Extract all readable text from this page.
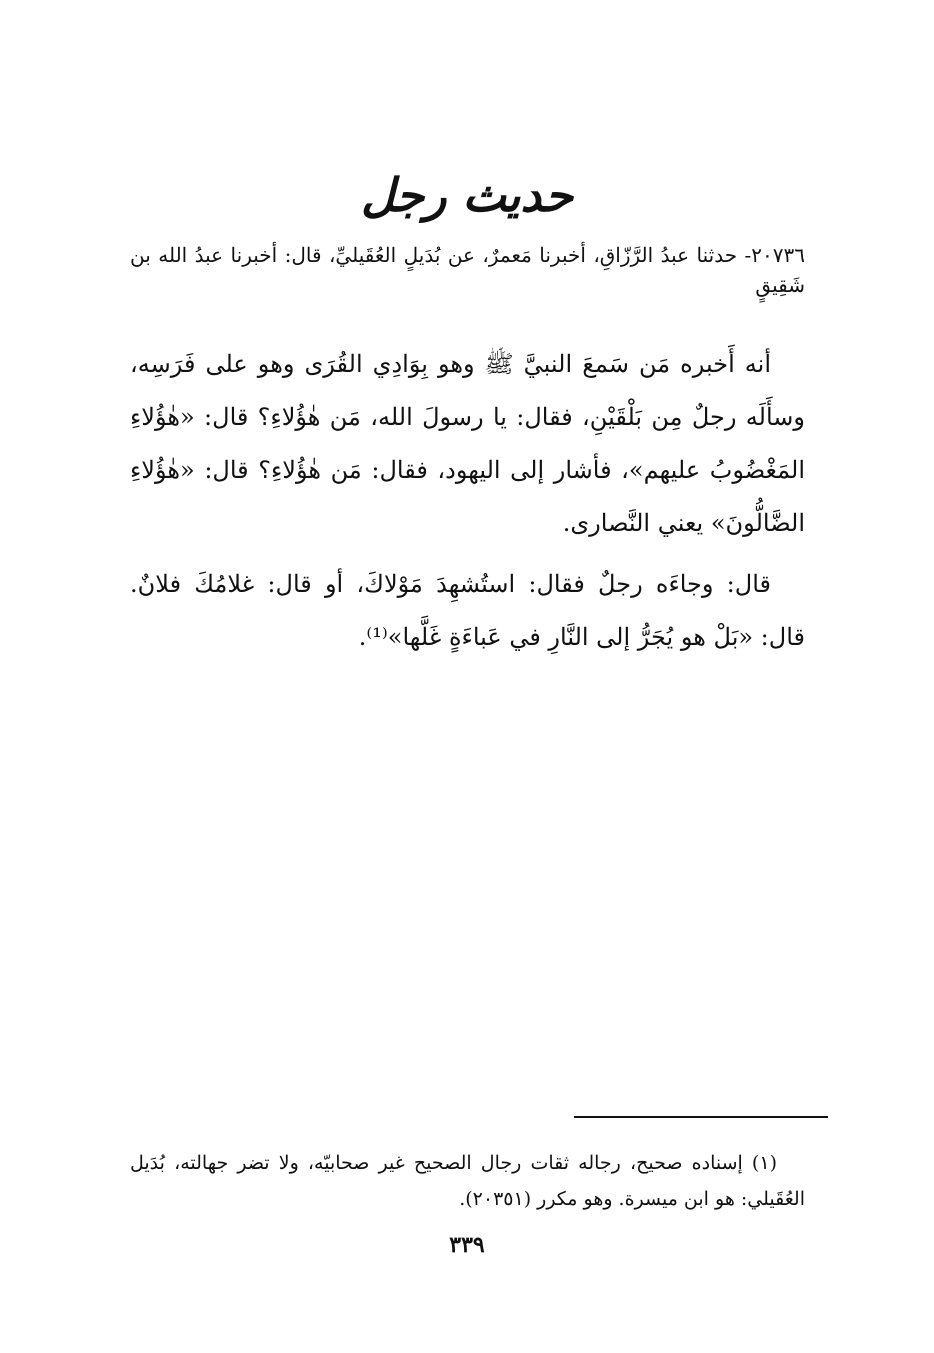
حديث رجل
٢٠٧٣٦- حدثنا عبدُ الرَّزّاقِ، أخبرنا مَعمرٌ، عن بُدَيلٍ العُقَيليِّ، قال: أخبرنا عبدُ الله بن شَقِيقٍ

أنه أَخبره مَن سَمعَ النبيَّ ﷺ وهو بِوَادِي القُرَى وهو على فَرَسِه، وسأَلَه رجلٌ مِن بَلْقَيْنِ، فقال: يا رسولَ الله، مَن هٰؤُلاءِ؟ قال: «هٰؤُلاءِ المَغْضُوبُ عليهم»، فأشار إلى اليهود، فقال: مَن هٰؤُلاءِ؟ قال: «هٰؤُلاءِ الضَّالُّونَ» يعني النَّصارى.

قال: وجاءَه رجلٌ فقال: استُشهِدَ مَوْلاكَ، أو قال: غلامُكَ فلانٌ. قال: «بَلْ هو يُجَرُّ إلى النَّارِ في عَباءَةٍ غَلَّها»⁽¹⁾.

(١) إسناده صحيح، رجاله ثقات رجال الصحيح غير صحابيّه، ولا تضر جهالته، بُدَيل العُقَيلي: هو ابن ميسرة. وهو مكرر (٢٠٣٥١).
٣٣٩
